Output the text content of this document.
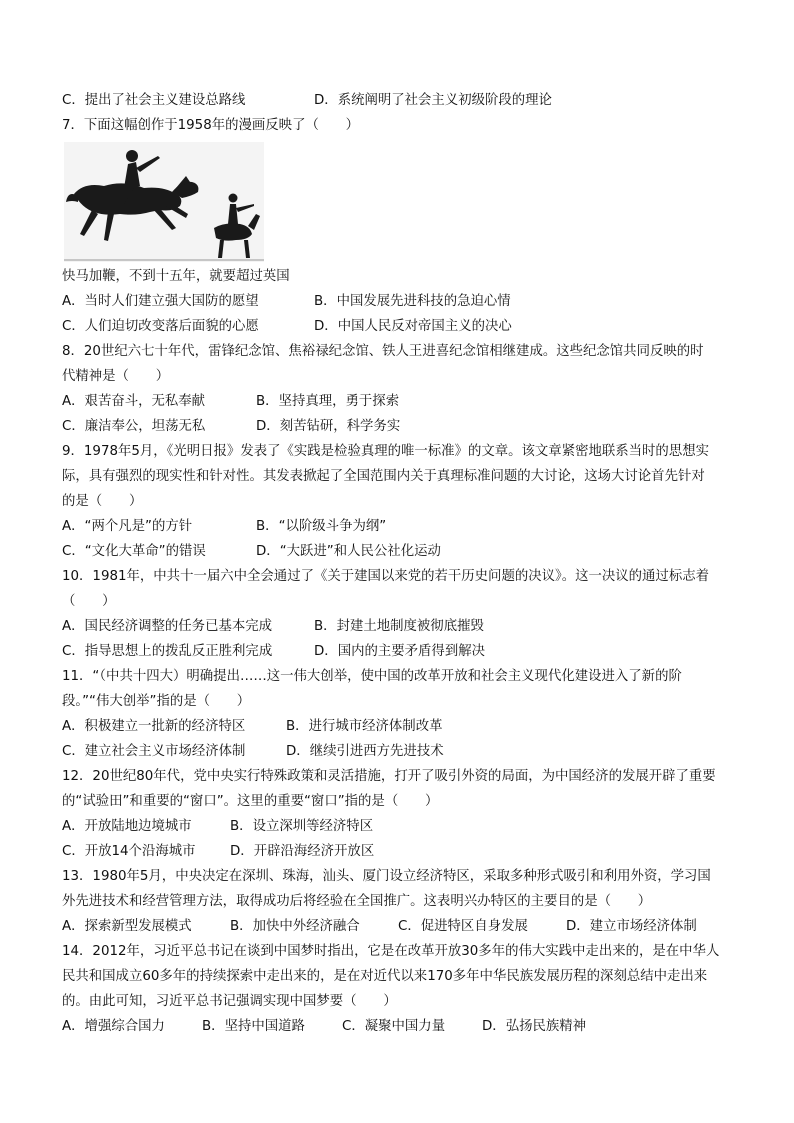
C．提出了社会主义建设总路线	D．系统阐明了社会主义初级阶段的理论
7．下面这幅创作于1958年的漫画反映了（　　）
快马加鞭，不到十五年，就要超过英国
A．当时人们建立强大国防的愿望	B．中国发展先进科技的急迫心情
C．人们迫切改变落后面貌的心愿	D．中国人民反对帝国主义的决心
8．20世纪六七十年代，雷锋纪念馆、焦裕禄纪念馆、铁人王进喜纪念馆相继建成。这些纪念馆共同反映的时
代精神是（　　）
A．艰苦奋斗，无私奉献	B．坚持真理，勇于探索
C．廉洁奉公，坦荡无私	D．刻苦钻研，科学务实
9．1978年5月，《光明日报》发表了《实践是检验真理的唯一标准》的文章。该文章紧密地联系当时的思想实
际，具有强烈的现实性和针对性。其发表掀起了全国范围内关于真理标准问题的大讨论，这场大讨论首先针对
的是（　　）
A．“两个凡是”的方针	B．“以阶级斗争为纲”
C．“文化大革命”的错误	D．“大跃进”和人民公社化运动
10．1981年，中共十一届六中全会通过了《关于建国以来党的若干历史问题的决议》。这一决议的通过标志着
（　　）
A．国民经济调整的任务已基本完成	B．封建土地制度被彻底摧毁
C．指导思想上的拨乱反正胜利完成	D．国内的主要矛盾得到解决
11．“（中共十四大）明确提出……这一伟大创举，使中国的改革开放和社会主义现代化建设进入了新的阶
段。”“伟大创举”指的是（　　）
A．积极建立一批新的经济特区	B．进行城市经济体制改革
C．建立社会主义市场经济体制	D．继续引进西方先进技术
12．20世纪80年代，党中央实行特殊政策和灵活措施，打开了吸引外资的局面，为中国经济的发展开辟了重要
的“试验田”和重要的“窗口”。这里的重要“窗口”指的是（　　）
A．开放陆地边境城市	B．设立深圳等经济特区
C．开放14个沿海城市	D．开辟沿海经济开放区
13．1980年5月，中央决定在深圳、珠海，汕头、厦门设立经济特区，采取多种形式吸引和利用外资，学习国
外先进技术和经营管理方法，取得成功后将经验在全国推广。这表明兴办特区的主要目的是（　　）
A．探索新型发展模式	B．加快中外经济融合	C．促进特区自身发展	D．建立市场经济体制
14．2012年，习近平总书记在谈到中国梦时指出，它是在改革开放30多年的伟大实践中走出来的，是在中华人
民共和国成立60多年的持续探索中走出来的，是在对近代以来170多年中华民族发展历程的深刻总结中走出来
的。由此可知，习近平总书记强调实现中国梦要（　　）
A．增强综合国力	B．坚持中国道路	C．凝聚中国力量	D．弘扬民族精神
